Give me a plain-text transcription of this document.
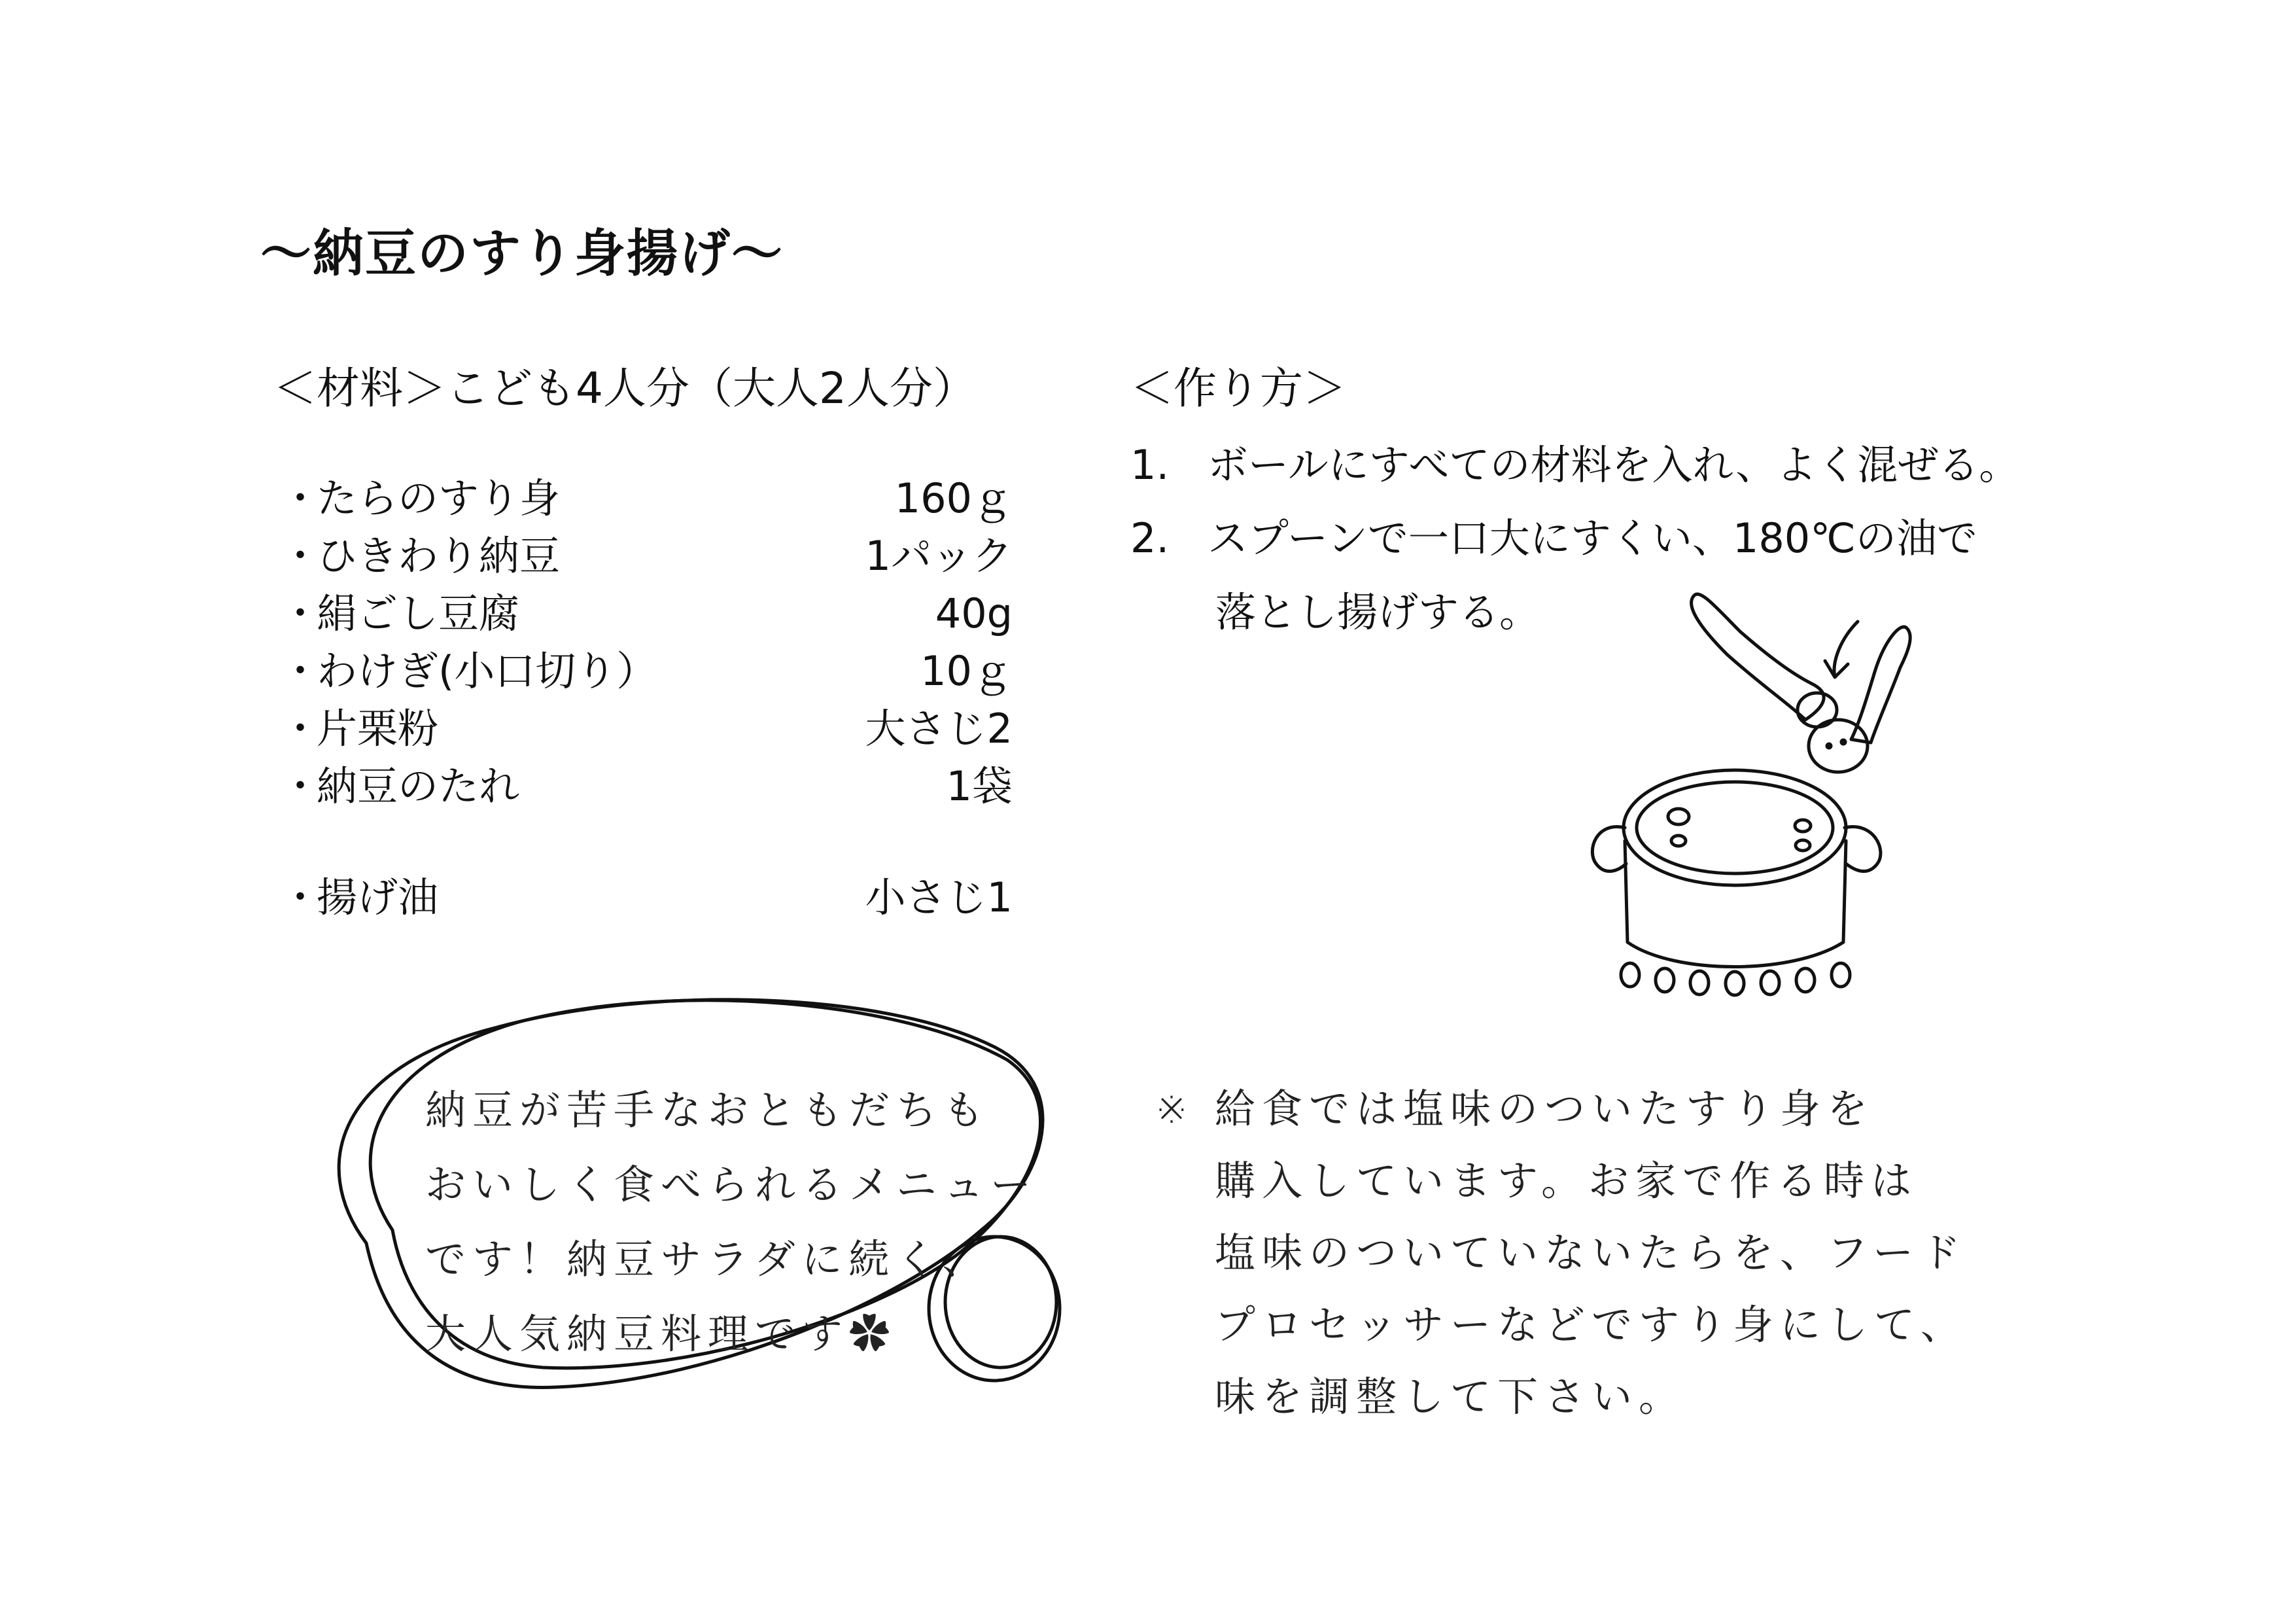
〜納豆のすり身揚げ〜
＜材料＞こども4人分（大人2人分）	＜作り方＞
・
たらのすり身	160ｇ
・
ひきわり納豆	1パック
・
絹ごし豆腐	40g
・
わけぎ(小口切り）	10ｇ
・
片栗粉	大さじ2
・
納豆のたれ	1袋
・
揚げ油	小さじ1
1. ボールにすべての材料を入れ、よく混ぜる。
2. スプーンで一口大にすくい、180℃の油で
落とし揚げする。
納豆が苦手なおともだちも
おいしく食べられるメニュー
です！納豆サラダに続く、
大人気納豆料理です✿
※ 給食では塩味のついたすり身を
購入しています。お家で作る時は
塩味のついていないたらを、フード
プロセッサーなどですり身にして、
味を調整して下さい。
